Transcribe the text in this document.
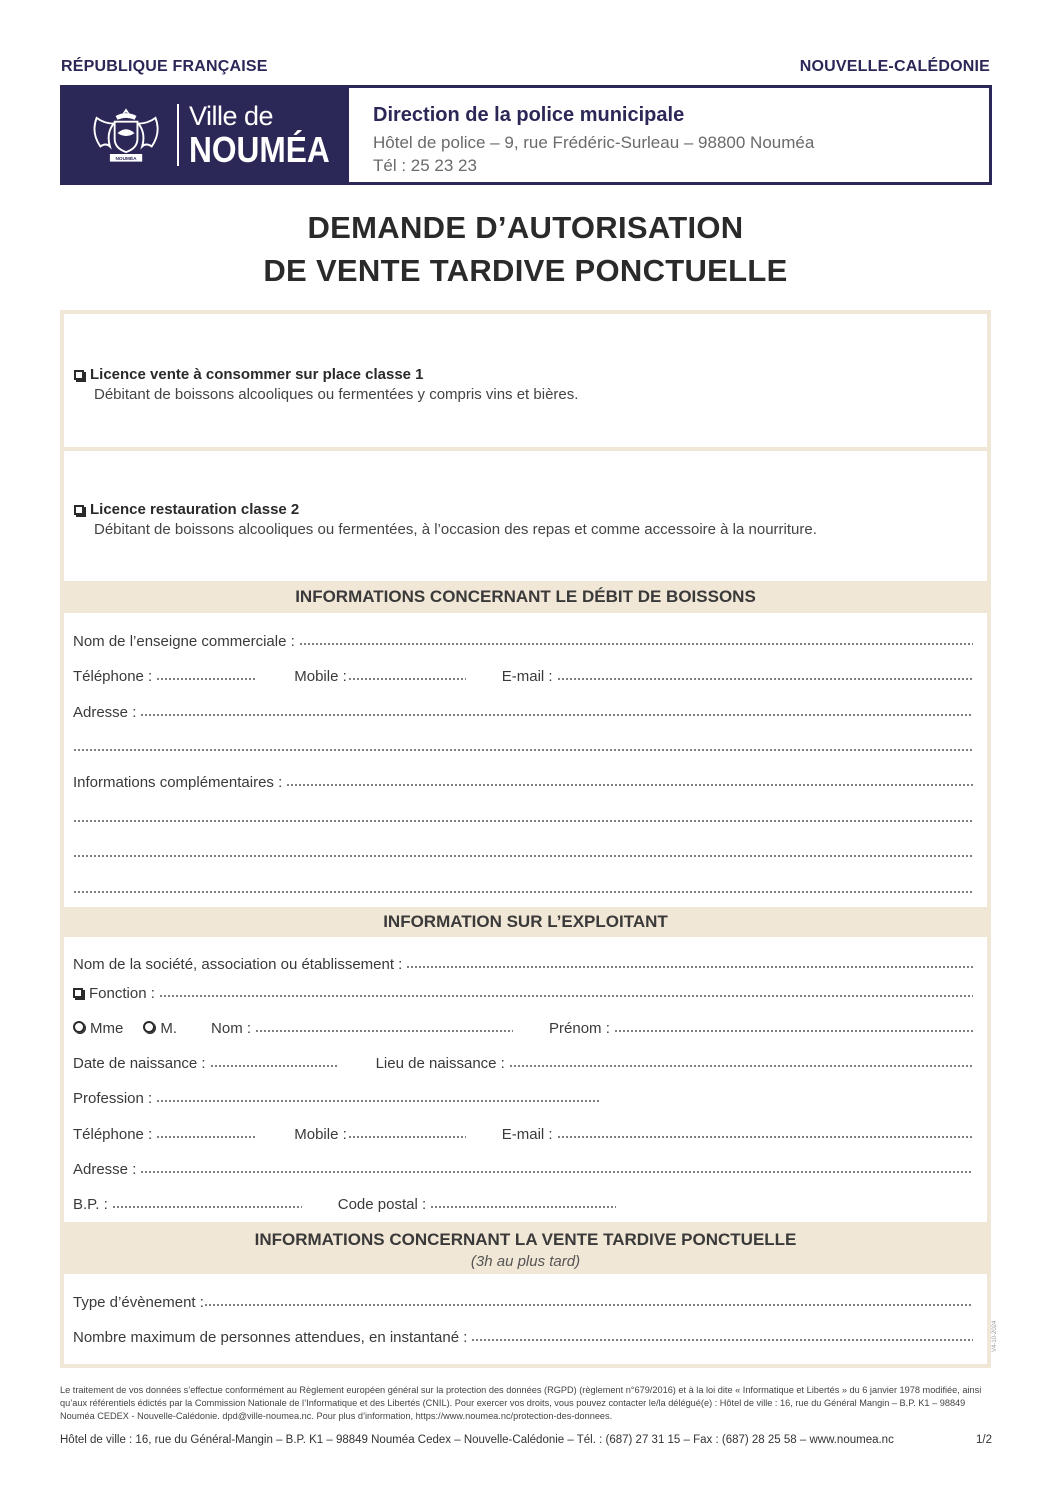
RÉPUBLIQUE FRANÇAISE	NOUVELLE-CALÉDONIE
NOUMÉA
Ville de
NOUMÉA
Direction de la police municipale
Hôtel de police – 9, rue Frédéric-Surleau – 98800 Nouméa
Tél : 25 23 23
DEMANDE D’AUTORISATION
DE VENTE TARDIVE PONCTUELLE
Licence vente à consommer sur place classe 1
Débitant de boissons alcooliques ou fermentées y compris vins et bières.
Licence restauration classe 2
Débitant de boissons alcooliques ou fermentées, à l’occasion des repas et comme accessoire à la nourriture.
INFORMATIONS CONCERNANT LE DÉBIT DE BOISSONS
Nom de l’enseigne commerciale :
Téléphone :	Mobile :	E-mail :
Adresse :
Informations complémentaires :
INFORMATION SUR L’EXPLOITANT
Nom de la société, association ou établissement :
Fonction :
Mme M. Nom :	Prénom :
Date de naissance :	Lieu de naissance :
Profession :
Téléphone :	Mobile :	E-mail :
Adresse :
B.P. :	Code postal :
INFORMATIONS CONCERNANT LA VENTE TARDIVE PONCTUELLE
(3h au plus tard)
Type d’évènement :
Nombre maximum de personnes attendues, en instantané :	V4-10-2024
Le traitement de vos données s’effectue conformément au Règlement européen général sur la protection des données (RGPD) (règlement n°679/2016) et à la loi dite « Informatique et Libertés » du 6 janvier 1978 modifiée, ainsi qu’aux référentiels édictés par la Commission Nationale de l’Informatique et des Libertés (CNIL). Pour exercer vos droits, vous pouvez contacter le/la délégué(e) : Hôtel de ville : 16, rue du Général Mangin – B.P. K1 – 98849 Nouméa CEDEX - Nouvelle-Calédonie. dpd@ville-noumea.nc. Pour plus d’information, https://www.noumea.nc/protection-des-donnees.
Hôtel de ville : 16, rue du Général-Mangin – B.P. K1 – 98849 Nouméa Cedex – Nouvelle-Calédonie – Tél. : (687) 27 31 15 – Fax : (687) 28 25 58 – www.noumea.nc	1/2
